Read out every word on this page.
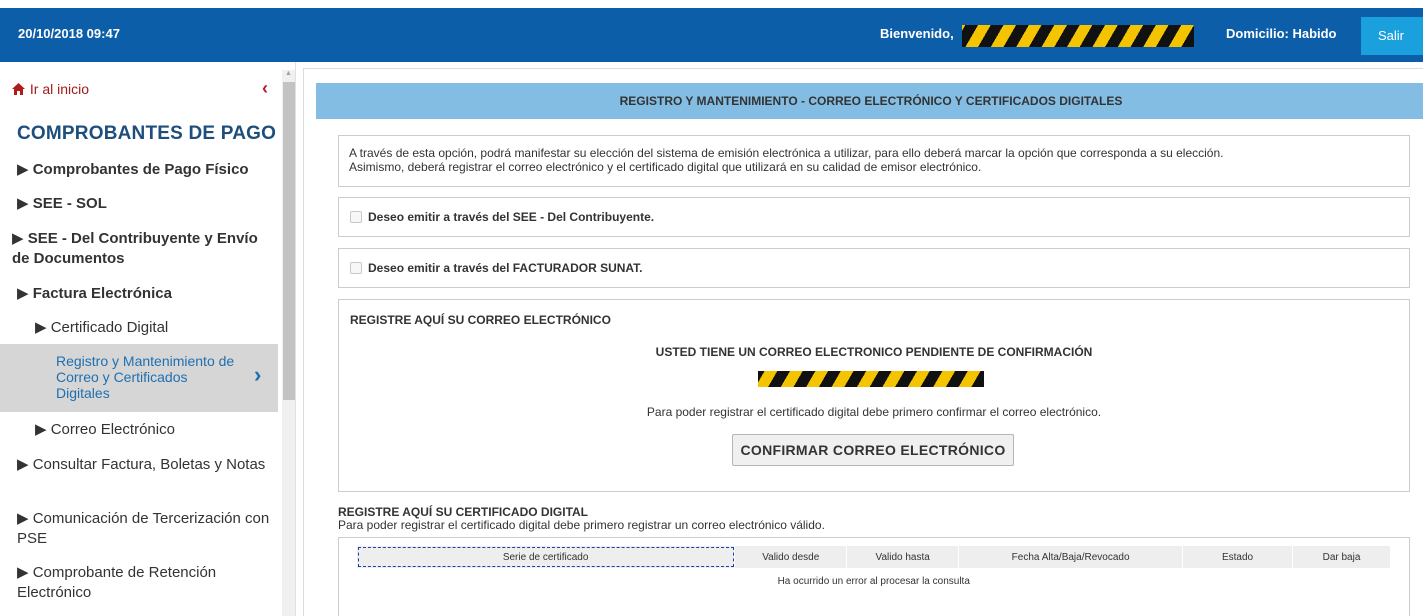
20/10/2018 09:47	Bienvenido,	Domicilio: Habido	Salir
Ir al inicio	‹
COMPROBANTES DE PAGO
▶ Comprobantes de Pago Físico
▶ SEE - SOL
▶ SEE - Del Contribuyente y Envío de Documentos
▶ Factura Electrónica
▶ Certificado Digital
Registro y Mantenimiento de Correo y Certificados Digitales
›
▶ Correo Electrónico
▶ Consultar Factura, Boletas y Notas
▶ Comunicación de Tercerización con PSE
▶ Comprobante de Retención Electrónico
▲
REGISTRO Y MANTENIMIENTO - CORREO ELECTRÓNICO Y CERTIFICADOS DIGITALES
A través de esta opción, podrá manifestar su elección del sistema de emisión electrónica a utilizar, para ello deberá marcar la opción que corresponda a su elección.
Asimismo, deberá registrar el correo electrónico y el certificado digital que utilizará en su calidad de emisor electrónico.
Deseo emitir a través del SEE - Del Contribuyente.
Deseo emitir a través del FACTURADOR SUNAT.
REGISTRE AQUÍ SU CORREO ELECTRÓNICO
USTED TIENE UN CORREO ELECTRONICO PENDIENTE DE CONFIRMACIÓN
Para poder registrar el certificado digital debe primero confirmar el correo electrónico.
CONFIRMAR CORREO ELECTRÓNICO
REGISTRE AQUÍ SU CERTIFICADO DIGITAL
Para poder registrar el certificado digital debe primero registrar un correo electrónico válido.
Serie de certificado	Valido desde	Valido hasta	Fecha Alta/Baja/Revocado	Estado	Dar baja
Ha ocurrido un error al procesar la consulta
